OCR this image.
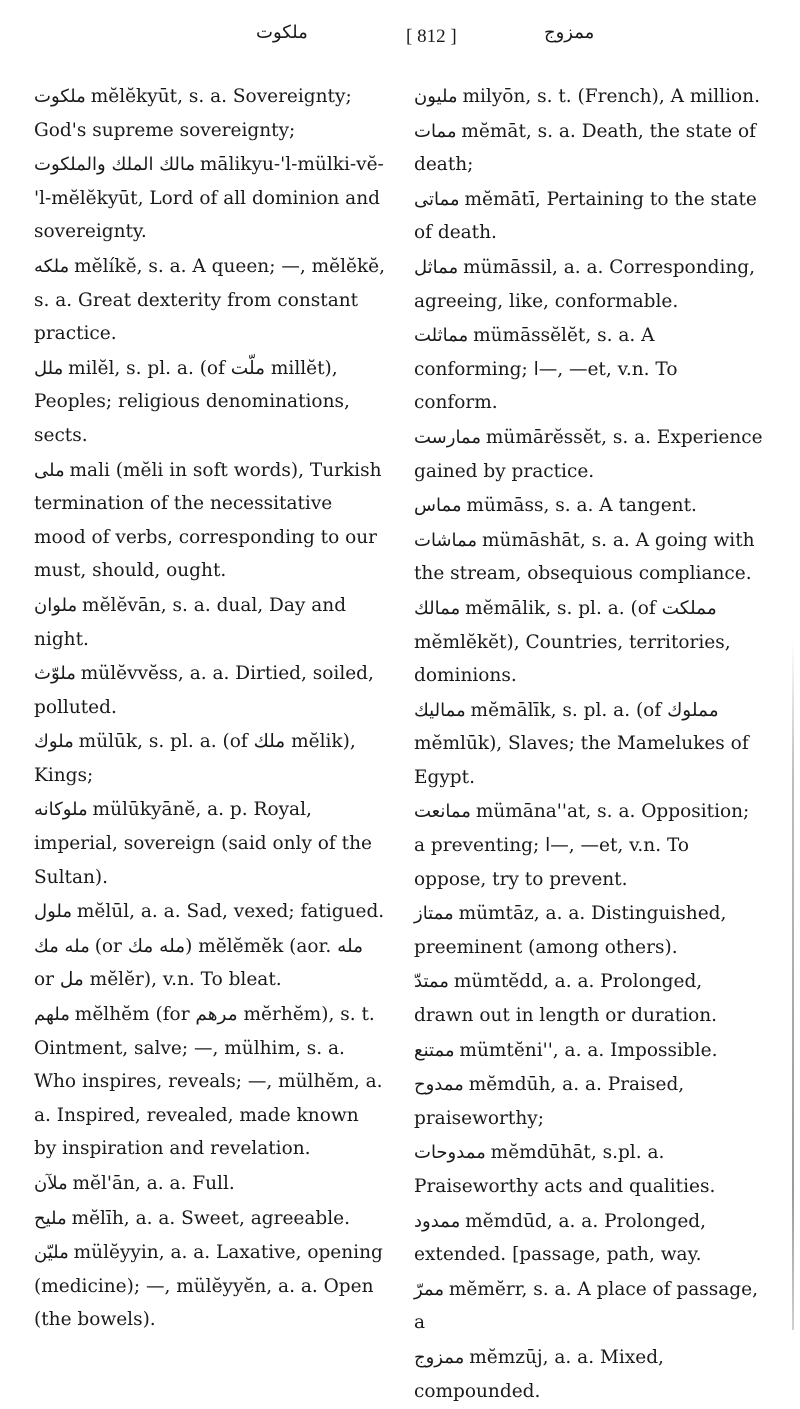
ملكوت	[ 812 ]	ممزوج
ملكوت mĕlĕkyūt, s. a. Sovereignty; God's supreme sovereignty;
مالك الملك والملكوت mālikyu-'l-mülki-vĕ-'l-mĕlĕkyūt, Lord of all dominion and sovereignty.
ملكه mĕlíkĕ, s. a. A queen; —, mĕlĕkĕ, s. a. Great dexterity from constant practice.
ملل milĕl, s. pl. a. (of ملّت millĕt), Peoples; religious denominations, sects.
ملى mali (mĕli in soft words), Turkish termination of the necessitative mood of verbs, corresponding to our must, should, ought.
ملوان mĕlĕvān, s. a. dual, Day and night.
ملوّث mülĕvvĕss, a. a. Dirtied, soiled, polluted.
ملوك mülūk, s. pl. a. (of ملك mĕlik), Kings;
ملوكانه mülūkyānĕ, a. p. Royal, imperial, sovereign (said only of the Sultan).
ملول mĕlūl, a. a. Sad, vexed; fatigued.
مله مك (or مله مك) mĕlĕmĕk (aor. مله or مل mĕlĕr), v.n. To bleat.
ملهم mĕlhĕm (for مرهم mĕrhĕm), s. t. Ointment, salve; —, mülhim, s. a. Who inspires, reveals; —, mülhĕm, a. a. Inspired, revealed, made known by inspiration and revelation.
ملآن mĕl'ān, a. a. Full.
مليح mĕlīh, a. a. Sweet, agreeable.
مليّن mülĕyyin, a. a. Laxative, opening (medicine); —, mülĕyyĕn, a. a. Open (the bowels).
مليون milyōn, s. t. (French), A million.
ممات mĕmāt, s. a. Death, the state of death;
مماتى mĕmātī, Pertaining to the state of death.
مماثل mümāssil, a. a. Corresponding, agreeing, like, conformable.
مماثلت mümāssĕlĕt, s. a. A conforming; ا—, —et, v.n. To conform.
ممارست mümārĕssĕt, s. a. Experience gained by practice.
مماس mümāss, s. a. A tangent.
مماشات mümāshāt, s. a. A going with the stream, obsequious compliance.
ممالك mĕmālik, s. pl. a. (of مملكت mĕmlĕkĕt), Countries, territories, dominions.
ممالیك mĕmālīk, s. pl. a. (of مملوك mĕmlūk), Slaves; the Mamelukes of Egypt.
ممانعت mümāna''at, s. a. Opposition; a preventing; ا—, —et, v.n. To oppose, try to prevent.
ممتاز mümtāz, a. a. Distinguished, preeminent (among others).
ممتدّ mümtĕdd, a. a. Prolonged, drawn out in length or duration.
ممتنع mümtĕni'', a. a. Impossible.
ممدوح mĕmdūh, a. a. Praised, praiseworthy;
ممدوحات mĕmdūhāt, s.pl. a. Praiseworthy acts and qualities.
ممدود mĕmdūd, a. a. Prolonged, extended. [passage, path, way.
ممرّ mĕmĕrr, s. a. A place of passage, a
ممزوج mĕmzūj, a. a. Mixed, compounded.
